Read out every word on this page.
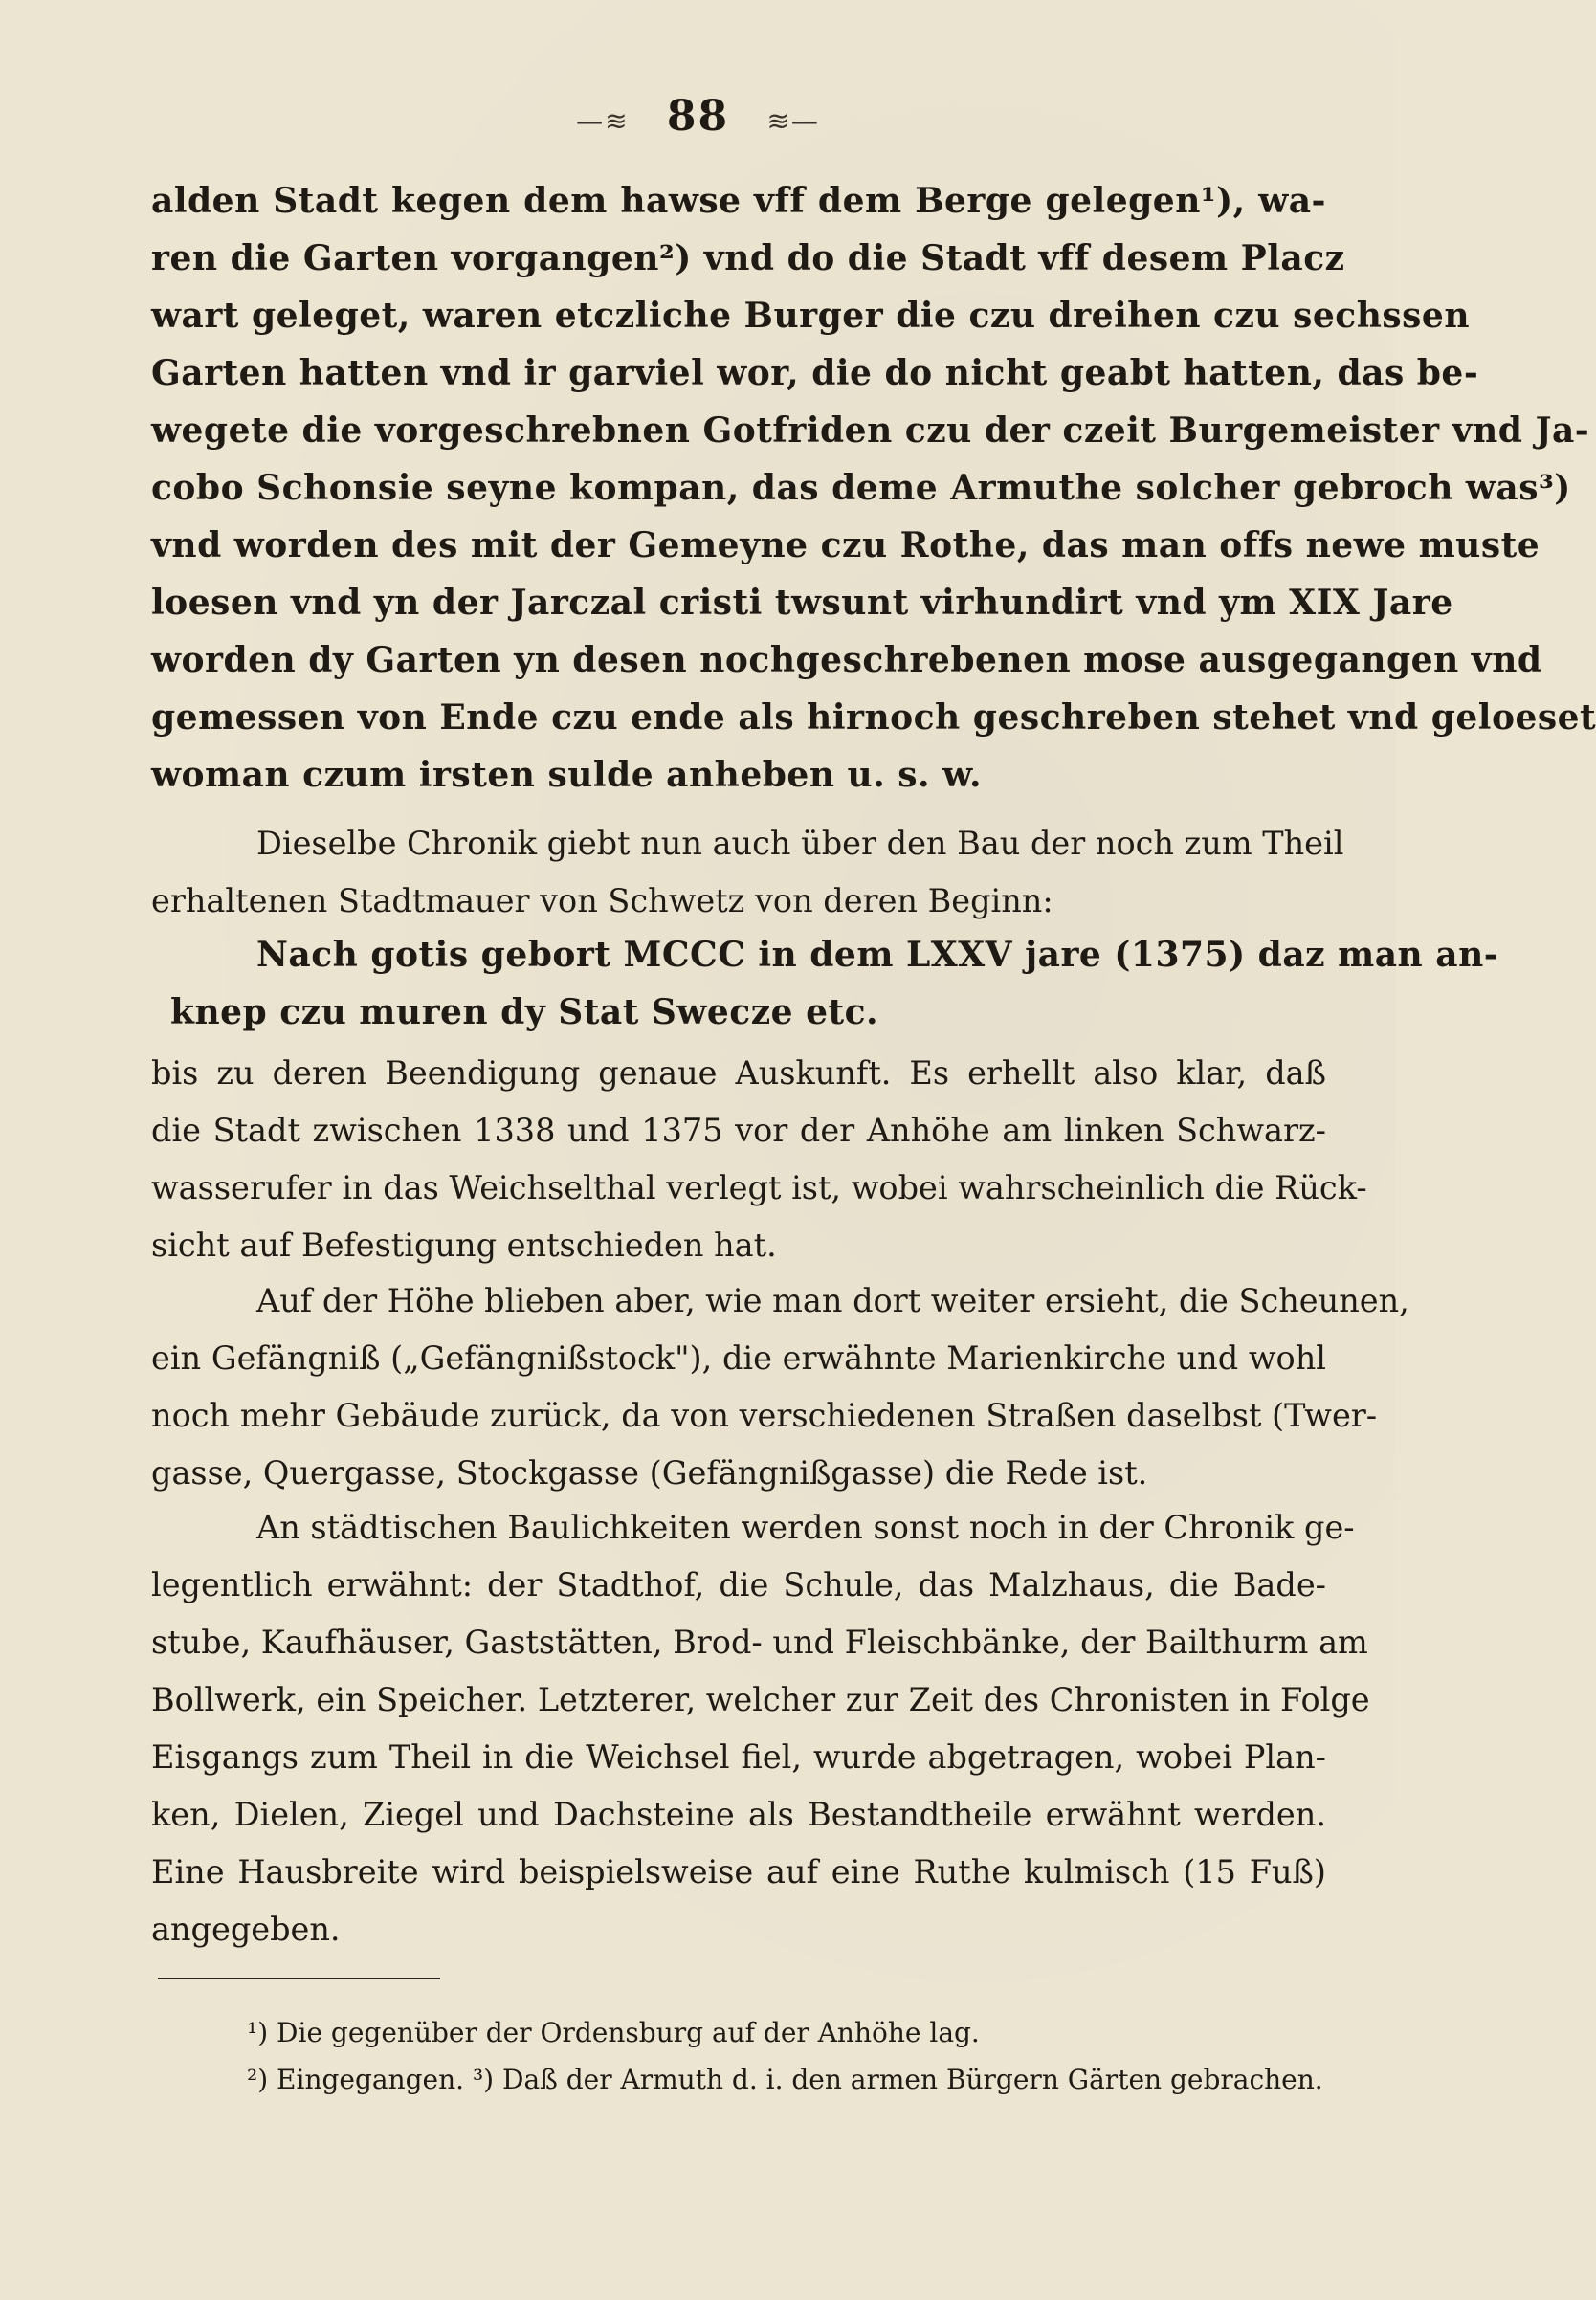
—≋ 88 ≋—
alden Stadt kegen dem hawse vff dem Berge gelegen¹), wa-
ren die Garten vorgangen²) vnd do die Stadt vff desem Placz
wart geleget, waren etczliche Burger die czu dreihen czu sechssen
Garten hatten vnd ir garviel wor, die do nicht geabt hatten, das be-
wegete die vorgeschrebnen Gotfriden czu der czeit Burgemeister vnd Ja-
cobo Schonsie seyne kompan, das deme Armuthe solcher gebroch was³)
vnd worden des mit der Gemeyne czu Rothe, das man offs newe muste
loesen vnd yn der Jarczal cristi twsunt virhundirt vnd ym XIX Jare
worden dy Garten yn desen nochgeschrebenen mose ausgegangen vnd
gemessen von Ende czu ende als hirnoch geschreben stehet vnd geloeset
woman czum irsten sulde anheben u. s. w.
Dieselbe Chronik giebt nun auch über den Bau der noch zum Theil
erhaltenen Stadtmauer von Schwetz von deren Beginn:
Nach gotis gebort MCCC in dem LXXV jare (1375) daz man an-
knep czu muren dy Stat Swecze etc.
bis zu deren Beendigung genaue Auskunft. Es erhellt also klar, daß
die Stadt zwischen 1338 und 1375 vor der Anhöhe am linken Schwarz-
wasserufer in das Weichselthal verlegt ist, wobei wahrscheinlich die Rück-
sicht auf Befestigung entschieden hat.
Auf der Höhe blieben aber, wie man dort weiter ersieht, die Scheunen,
ein Gefängniß („Gefängnißstock"), die erwähnte Marienkirche und wohl
noch mehr Gebäude zurück, da von verschiedenen Straßen daselbst (Twer-
gasse, Quergasse, Stockgasse (Gefängnißgasse) die Rede ist.
An städtischen Baulichkeiten werden sonst noch in der Chronik ge-
legentlich erwähnt: der Stadthof, die Schule, das Malzhaus, die Bade-
stube, Kaufhäuser, Gaststätten, Brod- und Fleischbänke, der Bailthurm am
Bollwerk, ein Speicher. Letzterer, welcher zur Zeit des Chronisten in Folge
Eisgangs zum Theil in die Weichsel fiel, wurde abgetragen, wobei Plan-
ken, Dielen, Ziegel und Dachsteine als Bestandtheile erwähnt werden.
Eine Hausbreite wird beispielsweise auf eine Ruthe kulmisch (15 Fuß)
angegeben.
¹) Die gegenüber der Ordensburg auf der Anhöhe lag.
²) Eingegangen. ³) Daß der Armuth d. i. den armen Bürgern Gärten gebrachen.
